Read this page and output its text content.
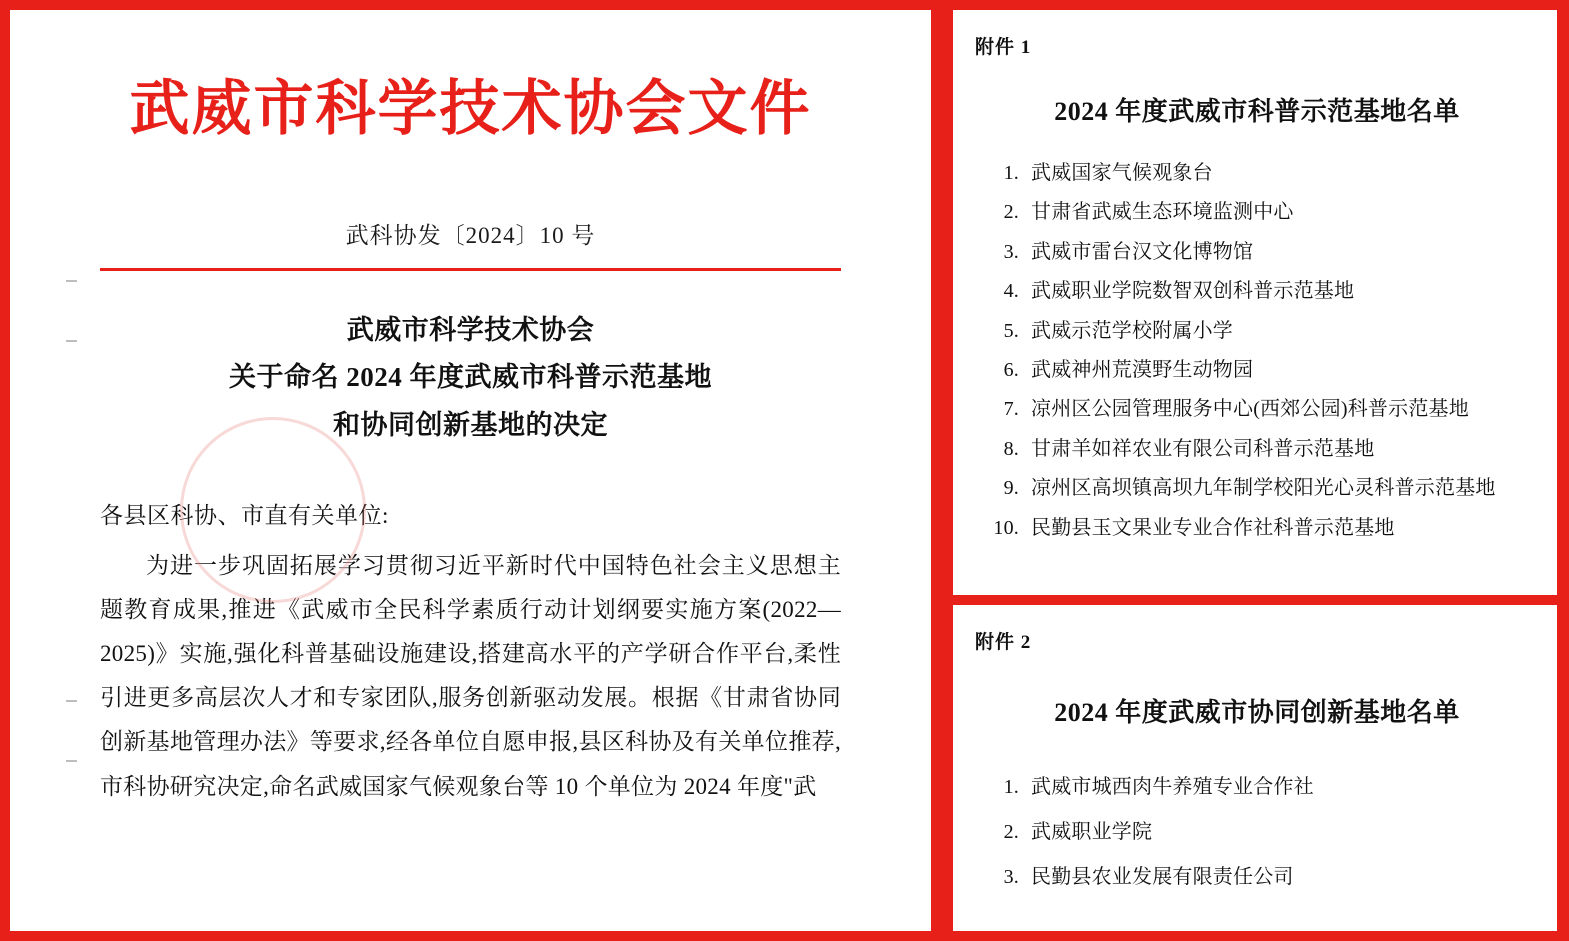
武威市科学技术协会文件
武科协发〔2024〕10 号
武威市科学技术协会
关于命名 2024 年度武威市科普示范基地
和协同创新基地的决定
各县区科协、市直有关单位:
为进一步巩固拓展学习贯彻习近平新时代中国特色社会主义思想主题教育成果,推进《武威市全民科学素质行动计划纲要实施方案(2022—2025)》实施,强化科普基础设施建设,搭建高水平的产学研合作平台,柔性引进更多高层次人才和专家团队,服务创新驱动发展。根据《甘肃省协同创新基地管理办法》等要求,经各单位自愿申报,县区科协及有关单位推荐,市科协研究决定,命名武威国家气候观象台等 10 个单位为 2024 年度"武
附件 1
2024 年度武威市科普示范基地名单
1. 武威国家气候观象台
2. 甘肃省武威生态环境监测中心
3. 武威市雷台汉文化博物馆
4. 武威职业学院数智双创科普示范基地
5. 武威示范学校附属小学
6. 武威神州荒漠野生动物园
7. 凉州区公园管理服务中心(西郊公园)科普示范基地
8. 甘肃羊如祥农业有限公司科普示范基地
9. 凉州区高坝镇高坝九年制学校阳光心灵科普示范基地
10. 民勤县玉文果业专业合作社科普示范基地
附件 2
2024 年度武威市协同创新基地名单
1. 武威市城西肉牛养殖专业合作社
2. 武威职业学院
3. 民勤县农业发展有限责任公司
